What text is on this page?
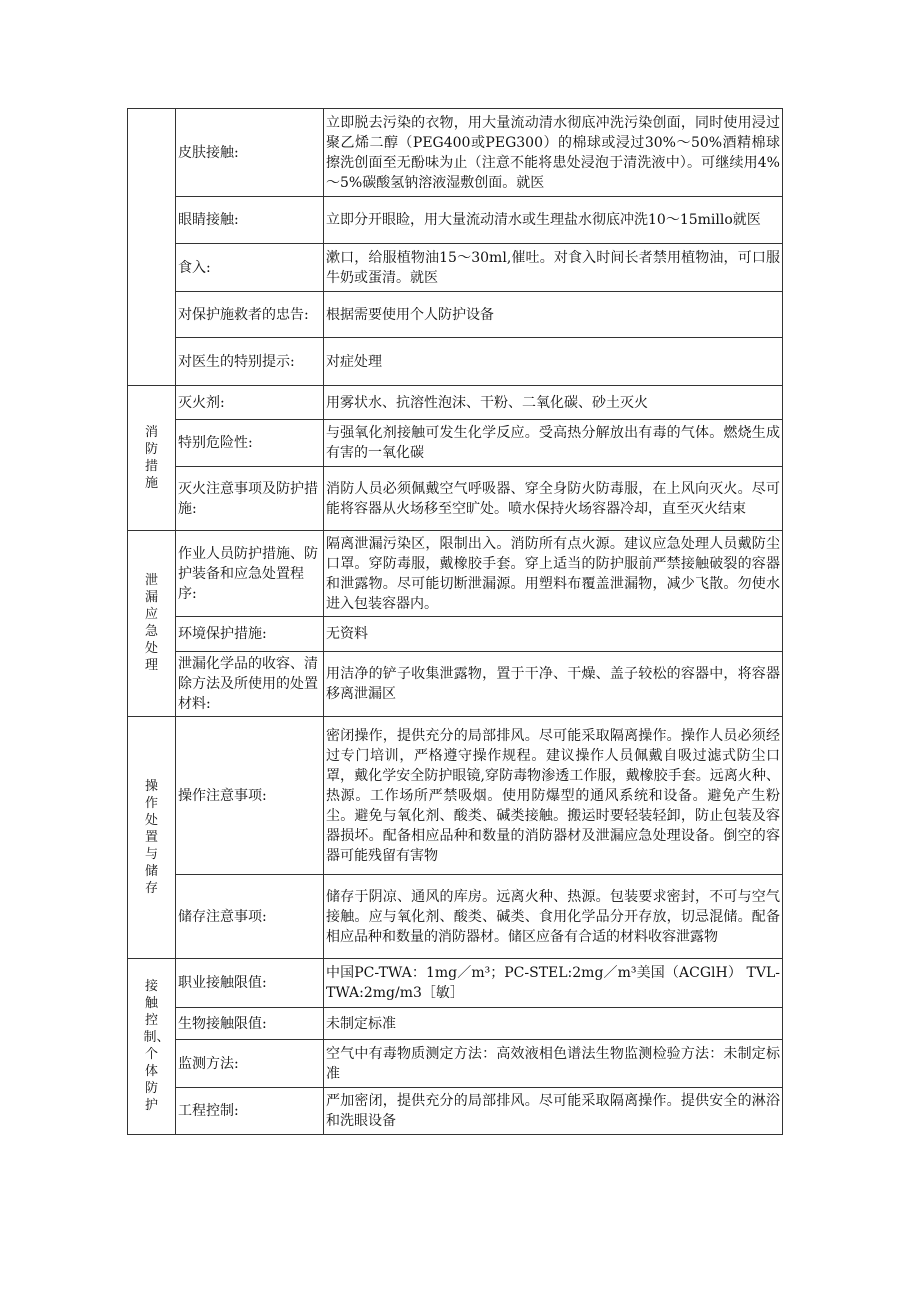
	皮肤接触:	立即脱去污染的衣物，用大量流动清水彻底冲洗污染创面，同时使用浸过聚乙烯二醇（PEG400或PEG300）的棉球或浸过30%～50%酒精棉球擦洗创面至无酚味为止（注意不能将患处浸泡于清洗液中）。可继续用4%～5%碳酸氢钠溶液湿敷创面。就医
	眼睛接触:	立即分开眼睑，用大量流动清水或生理盐水彻底冲洗10～15millo就医
	食入:	漱口，给服植物油15～30ml,催吐。对食入时间长者禁用植物油，可口服牛奶或蛋清。就医
	对保护施救者的忠告:	根据需要使用个人防护设备
	对医生的特别提示:	对症处理
消防措施	灭火剂:	用雾状水、抗溶性泡沫、干粉、二氧化碳、砂土灭火
	特别危险性:	与强氧化剂接触可发生化学反应。受高热分解放出有毒的气体。燃烧生成有害的一氧化碳
	灭火注意事项及防护措施:	消防人员必须佩戴空气呼吸器、穿全身防火防毒服，在上风向灭火。尽可能将容器从火场移至空旷处。喷水保持火场容器冷却，直至灭火结束
泄漏应急处理	作业人员防护措施、防护装备和应急处置程序:	隔离泄漏污染区，限制出入。消防所有点火源。建议应急处理人员戴防尘口罩。穿防毒服，戴橡胶手套。穿上适当的防护服前严禁接触破裂的容器和泄露物。尽可能切断泄漏源。用塑料布覆盖泄漏物，减少飞散。勿使水进入包装容器内。
	环境保护措施:	无资料
	泄漏化学品的收容、清除方法及所使用的处置材料:	用洁净的铲子收集泄露物，置于干净、干燥、盖子较松的容器中，将容器移离泄漏区
操作处置与储存	操作注意事项:	密闭操作，提供充分的局部排风。尽可能采取隔离操作。操作人员必须经过专门培训，严格遵守操作规程。建议操作人员佩戴自吸过滤式防尘口罩，戴化学安全防护眼镜,穿防毒物渗透工作服，戴橡胶手套。远离火种、热源。工作场所严禁吸烟。使用防爆型的通风系统和设备。避免产生粉尘。避免与氧化剂、酸类、碱类接触。搬运时要轻装轻卸，防止包装及容器损坏。配备相应品种和数量的消防器材及泄漏应急处理设备。倒空的容器可能残留有害物
	储存注意事项:	储存于阴凉、通风的库房。远离火种、热源。包装要求密封，不可与空气接触。应与氧化剂、酸类、碱类、食用化学品分开存放，切忌混储。配备相应品种和数量的消防器材。储区应备有合适的材料收容泄露物
接触控制、个体防护	职业接触限值:	中国PC-TWA：1mg／m³；PC-STEL:2mg／m³美国（ACGlH） TVL-TWA:2mg/m3［敏］
	生物接触限值:	未制定标准
	监测方法:	空气中有毒物质测定方法：高效液相色谱法生物监测检验方法：未制定标准
	工程控制:	严加密闭，提供充分的局部排风。尽可能采取隔离操作。提供安全的淋浴和洗眼设备
